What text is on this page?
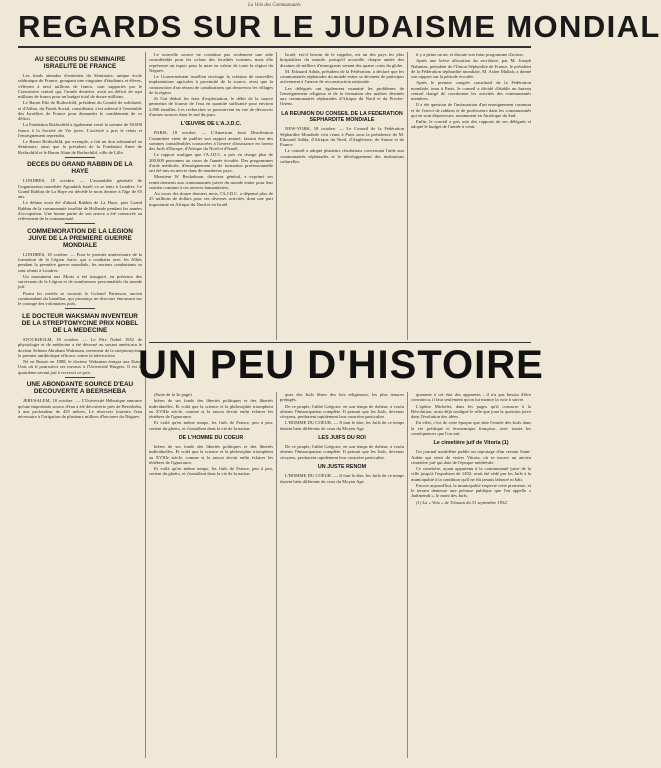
La Voix des Communautés
REGARDS SUR LE JUDAISME MONDIAL
AU SECOURS DU SEMINAIRE ISRAELITE DE FRANCE

Les fonds attendus d'entretien du Séminaire, unique école rabbinique de France, groupant une vingtaine d'étudiants et élèves, s'élèvent à neuf millions de francs, sont supportés par le Consistoire central qui, l'année dernière, avait un déficit de sept millions de francs pour un budget total de douze millions.

Le Baron Elie de Rothschild, président du Comité de solidarité, et d'Adhar, du Fonds Social, considérant, s'est adressé à l'ensemble des Israélites de France pour demander le comblement de ce déficit.

La Fondation Rothschild a également versé la somme de 50.000 francs à la Société de Vie juive. L'activité a pris le relais et l'enseignement reprendra.

Le Baron Rothschild, par exemple, a fait un don substantiel au Séminaire, ainsi que le président de la Fondation Anne de Rothschild et le Baron Alain de Rothschild, ville de Lille.

DECES DU GRAND RABBIN DE LA HAYE

LONDRES, 18 octobre. — L'assemblée générale de l'organisation mondiale Agoudath Israël va se tenir à Londres. Le Grand Rabbin de La Haye est décédé le mois dernier à l'âge de 83 ans.

Le défunt avait été d'abord Rabbin de La Haye, puis Grand Rabbin de la communauté israélite de Hollande pendant les années d'occupation. Une bonne partie de son œuvre a été consacrée au relèvement de la communauté.

COMMEMORATION DE LA LEGION JUIVE DE LA PREMIERE GUERRE MONDIALE

LONDRES, 18 octobre. — Pour le premier anniversaire de la formation de la Légion Juive, qui a combattu avec les Alliés pendant la première guerre mondiale, les anciens combattants se sont réunis à Londres.

Un monument aux Morts a été inauguré, en présence des survivants de la Légion et de nombreuses personnalités du monde juif.

Parmi les invités se trouvait le Colonel Patterson, ancien commandant du bataillon, qui prononça un discours émouvant sur le courage des volontaires juifs.

LE DOCTEUR WAKSMAN INVENTEUR DE LA STREPTOMYCINE PRIX NOBEL DE LA MEDECINE

STOCKHOLM, 18 octobre. — Le Prix Nobel 1952 de physiologie et de médecine a été décerné au savant américain le docteur Selman Abraham Waksman, inventeur de la streptomycine, le premier antibiotique efficace contre la tuberculose.

Né en Russie en 1888, le docteur Waksman émigra aux Etats-Unis où il poursuivit ses travaux à l'Université Rutgers. Il est le quatrième savant juif à recevoir ce prix.

UNE ABONDANTE SOURCE D'EAU DECOUVERTE A BEERSHEBA

JERUSALEM, 18 octobre. — L'Université Hébraïque annonce qu'une importante source d'eau a été découverte près de Beersheba, à une profondeur de 455 mètres. Le réservoir fournira l'eau nécessaire à l'irrigation de plusieurs milliers d'hectares du Néguev.

Le nouvelle source ne constitue pas seulement une aide considérable pour les colons des localités voisines, mais elle représente un espoir pour la mise en valeur de toute la région du Néguev.

Le Gouvernement israélien envisage la création de nouvelles implantations agricoles à proximité de la source, ainsi que la construction d'un réseau de canalisations qui desservira les villages de la région.

Si l'on déduit les frais d'exploitation, le débit de la source permettra de fournir de l'eau en quantité suffisante pour environ 2.000 familles. Les recherches se poursuivent en vue de découvrir d'autres sources dans le sud du pays.

L'ŒUVRE DE L'A.J.D.C.

PARIS, 18 octobre. — L'American Joint Distribution Committee vient de publier son rapport annuel, faisant état des sommes considérables consacrées à l'œuvre d'assistance en faveur des Juifs d'Europe, d'Afrique du Nord et d'Israël.

Le rapport souligne que l'A.J.D.C. a pris en charge plus de 200.000 personnes au cours de l'année écoulée. Des programmes d'aide médicale, d'enseignement et de formation professionnelle ont été mis en œuvre dans de nombreux pays.

Monsieur W. Beckelman, directeur général, a exprimé ses remerciements aux communautés juives du monde entier pour leur soutien constant à ces œuvres humanitaires.

Au cours des douze derniers mois, l'A.J.D.C. a dépensé plus de 25 millions de dollars pour ses diverses activités, dont une part importante en Afrique du Nord et en Israël.

Israël, est-il besoin de le rappeler, est un des pays les plus hospitaliers du monde, puisqu'il accueille chaque année des dizaines de milliers d'immigrants venant des quatre coins du globe.

M. Edouard Adida, président de la Fédération, a déclaré que les communautés sépharades du monde entier se devaient de participer activement à l'œuvre de reconstruction nationale.

Les délégués ont également examiné les problèmes de l'enseignement religieux et de la formation des maîtres destinés aux communautés sépharades d'Afrique du Nord et du Proche-Orient.

LA REUNION DU CONSEIL DE LA FEDERATION SEPHARDITE MONDIALE

NEW-YORK, 18 octobre. — Le Conseil de la Fédération Séphardite Mondiale s'est réuni à Paris sous la présidence de M. Edouard Adida, d'Afrique du Nord, d'Angleterre, de Suisse et de France.

Le conseil a adopté plusieurs résolutions concernant l'aide aux communautés sépharades et le développement des institutions culturelles.

il y a peine un an, et discute son futur programme d'action.

Après une brève allocution du secrétaire, par M. Joseph Nahmias, président de l'Union Séphardite de France, le président de la Fédération séphardite mondiale, M. Asher Mallah, a donné son rapport sur la période écoulée.

Après le premier congrès constitutif de la Fédération mondiale, tenu à Paris, le conseil a décidé d'établir un bureau central chargé de coordonner les activités des communautés membres.

Il a été question de l'instauration d'un enseignement commun et de l'envoi de rabbins et de professeurs dans les communautés qui en sont dépourvues, notamment en Amérique du Sud.

Enfin, le conseil a pris acte des rapports de ses délégués et adopté le budget de l'année à venir.

UN PEU D'HISTOIRE

(Suite de la 2e page)

bières de ses fonds des libertés politiques et des libertés individuelles. Et voilà que la science et la philosophie triomphent au XVIIIe siècle, comme si la raison devait enfin éclairer les ténèbres de l'ignorance.

Et voilà qu'en même temps, les Juifs de France, peu à peu, sortent du ghetto, et s'installent dans la vie de la nation.

DE L'HOMME DU COEUR

bières de ses fonds des libertés politiques et des libertés individuelles. Et voilà que la science et la philosophie triomphent au XVIIIe siècle, comme si la raison devait enfin éclairer les ténèbres de l'ignorance.

Et voilà qu'en même temps, les Juifs de France, peu à peu, sortent du ghetto, et s'installent dans la vie de la nation.

ques des Juifs libres des lois religieuses, les plus tenaces préjugés.

De ce peuple, l'abbé Grégoire, en son temps de rhéteur, a voulu obtenir l'émancipation complète. Il pensait que les Juifs, devenus citoyens, perdraient rapidement leur caractère particulier.

L'HOMME DU COEUR. — Il faut le dire, les Juifs de ce temps étaient bien différents de ceux du Moyen Age.

LES JUIFS DU ROI

De ce peuple, l'abbé Grégoire, en son temps de rhéteur, a voulu obtenir l'émancipation complète. Il pensait que les Juifs, devenus citoyens, perdraient rapidement leur caractère particulier.

UN JUSTE RENOM

L'HOMME DU COEUR. — Il faut le dire, les Juifs de ce temps étaient bien différents de ceux du Moyen Age.

quarante à cet état des apparents ; il n'a pas besoin d'être convaincu, il faut seulement qu'on lui montre la voie à suivre.

L'apôtre Michelet, dans les pages qu'il consacre à la Révolution, avait déjà souligné le rôle que joua la question juive dans l'évolution des idées.

En effet, c'est de cette époque que date l'entrée des Juifs dans la vie politique et économique française, avec toutes les conséquences que l'on sait.

Le cimetière juif de Vitoria (1)

Un journal madrilène publie un reportage d'un certain Saint-Aubin qui vient de visiter Vitoria, où se trouve un ancien cimetière juif qui date de l'époque médiévale.

Ce cimetière, ayant appartenu à la communauté juive de la ville jusqu'à l'expulsion de 1492, avait été cédé par les Juifs à la municipalité à la condition qu'il ne fût jamais labouré ni bâti.

Encore aujourd'hui, la municipalité respecte cette promesse, et le terrain demeure une pelouse publique que l'on appelle « Judimendi », le mont des Juifs.

(1) La « Voix » de Tétouan du 31 septembre 1952.
